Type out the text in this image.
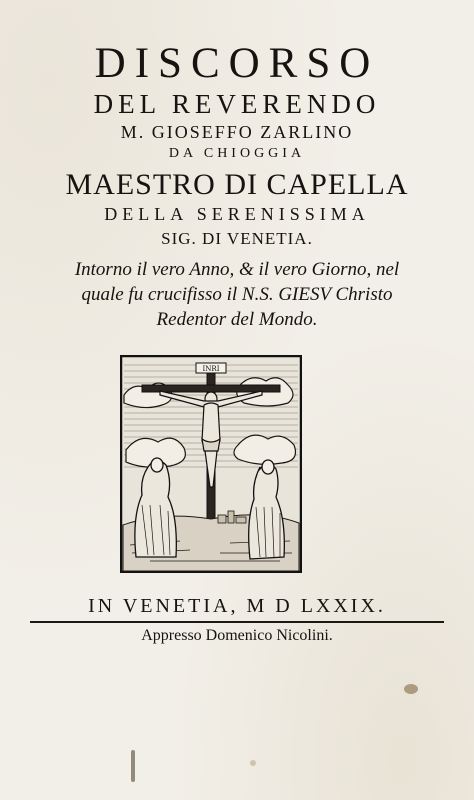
DISCORSO

DEL REVERENDO

M. GIOSEFFO ZARLINO

DA CHIOGGIA

MAESTRO DI CAPELLA

DELLA SERENISSIMA

SIG. DI VENETIA.

Intorno il vero Anno, & il vero Giorno, nel

quale fu crucifisso il N.S. GIESV Christo

Redentor del Mondo.

INRI

IN VENETIA, M D LXXIX.

Appresso Domenico Nicolini.
